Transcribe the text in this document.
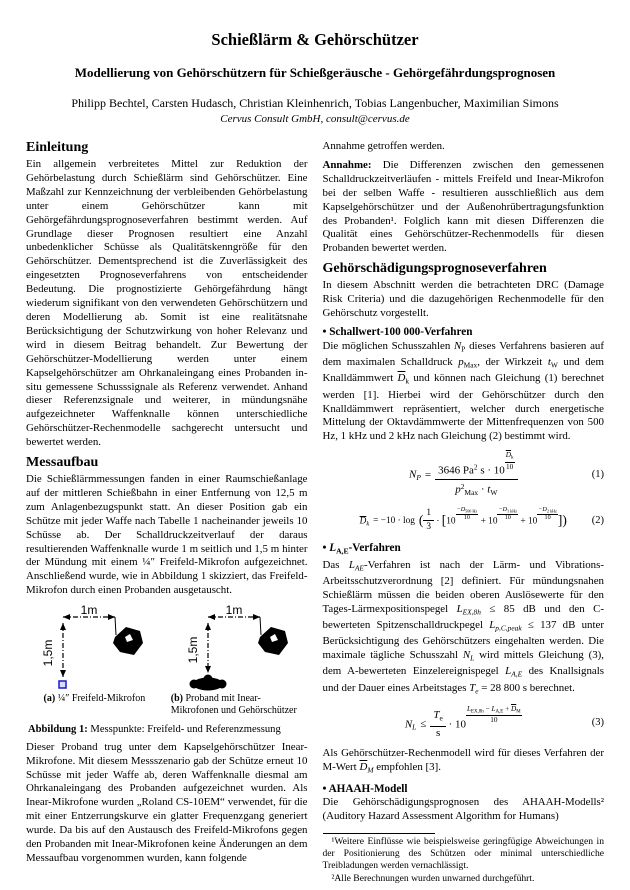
Schießlärm & Gehörschützer
Modellierung von Gehörschützern für Schießgeräusche - Gehörgefährdungsprognosen
Philipp Bechtel, Carsten Hudasch, Christian Kleinhenrich, Tobias Langenbucher, Maximilian Simons
Cervus Consult GmbH, consult@cervus.de
Einleitung

Ein allgemein verbreitetes Mittel zur Reduktion der Gehörbelastung durch Schießlärm sind Gehörschützer. Eine Maßzahl zur Kennzeichnung der verbleibenden Gehörbelastung unter einem Gehörschützer kann mit Gehörgefährdungsprognoseverfahren bestimmt werden. Auf Grundlage dieser Prognosen resultiert eine Anzahl unbedenklicher Schüsse als Qualitätskenngröße für den Gehörschützer. Dementsprechend ist die Zuverlässigkeit des eingesetzten Prognoseverfahrens von entscheidender Bedeutung. Die prognostizierte Gehörgefährdung hängt wiederum signifikant von den verwendeten Gehörschützern und deren Modellierung ab. Somit ist eine realitätsnahe Berücksichtigung der Schutzwirkung von hoher Relevanz und wird in diesem Beitrag behandelt. Zur Bewertung der Gehörschützer-Modellierung werden unter einem Kapselgehörschützer am Ohrkanaleingang eines Probanden in-situ gemessene Schusssignale als Referenz verwendet. Anhand dieser Referenzsignale und weiterer, in mündungsnähe aufgezeichneter Waffenknalle können unterschiedliche Gehörschützer-Rechenmodelle sachgerecht untersucht und bewertet werden.

Messaufbau

Die Schießlärmmessungen fanden in einer Raumschießanlage auf der mittleren Schießbahn in einer Entfernung von 12,5 m zum Anlagenbezugspunkt statt. An dieser Position gab ein Schütze mit jeder Waffe nach Tabelle 1 nacheinander jeweils 10 Schüsse ab. Der Schalldruckzeitverlauf der daraus resultierenden Waffenknalle wurde 1 m seitlich und 1,5 m hinter der Mündung mit einem ¼″ Freifeld-Mikrofon aufgezeichnet. Anschließend wurde, wie in Abbildung 1 skizziert, das Freifeld-Mikrofon durch einen Probanden ausgetauscht.

1m
1,5m
(a) ¼″ Freifeld-Mikrofon
1m
1,5m
(b) Proband mit Inear-Mikrofonen und Gehörschützer
Abbildung 1: Messpunkte: Freifeld- und Referenzmessung

Dieser Proband trug unter dem Kapselgehörschützer Inear-Mikrofone. Mit diesem Messszenario gab der Schütze erneut 10 Schüsse mit jeder Waffe ab, deren Waffenknalle diesmal am Ohrkanaleingang des Probanden aufgezeichnet wurden. Als Inear-Mikrofone wurden „Roland CS-10EM“ verwendet, für die mit einer Entzerrungskurve ein glatter Frequenzgang generiert wurde. Da bis auf den Austausch des Freifeld-Mikrofons gegen den Probanden mit Inear-Mikrofonen keine Änderungen an dem Messaufbau vorgenommen wurden, kann folgende

Annahme getroffen werden.

Annahme: Die Differenzen zwischen den gemessenen Schalldruckzeitverläufen - mittels Freifeld und Inear-Mikrofon bei der selben Waffe - resultieren ausschließlich aus dem Kapselgehörschützer und der Außenohrübertragungsfunktion des Probanden¹. Folglich kann mit diesen Differenzen die Qualität eines Gehörschützer-Rechenmodells für diesen Probanden bewertet werden.

Gehörschädigungsprognoseverfahren

In diesem Abschnitt werden die betrachteten DRC (Damage Risk Criteria) und die dazugehörigen Rechenmodelle für den Gehörschutz vorgestellt.

• Schallwert-100 000-Verfahren

Die möglichen Schusszahlen $N_P$ dieses Verfahrens basieren auf dem maximalen Schalldruck $p_{Max}$, der Wirkzeit $t_W$ und dem Knalldämmwert $\overline{D}_k$ und können nach Gleichung (1) berechnet werden [1]. Hierbei wird der Gehörschützer durch den Knalldämmwert repräsentiert, welcher durch energetische Mittelung der Oktavdämmwerte der Mittenfrequenzen von 500 Hz, 1 kHz und 2 kHz nach Gleichung (2) bestimmt wird.

$N_P = \frac{3646 Pa^2 s \cdot 10 \frac{\overline{D}_k}{10}}{p^2_{Max} \cdot t_W}$	(1)
$\overline{D}_k = -10 \cdot \log$ ( $\frac{1}{3} \cdot [10 \frac{-D_{500 Hz}}{10} + 10$
$-D_{1 kHz}$
10 + 10
$-D_{2 kHz}$
10 ]) (2)
• $L_{A,E}$-Verfahren

Das $L_{AE}$-Verfahren ist nach der Lärm- und Vibrations-Arbeitsschutzverordnung [2] definiert. Für mündungsnahen Schießlärm müssen die beiden oberen Auslösewerte für den Tages-Lärmexpositionspegel $L_{EX,8h} \le 85$ dB und den C-bewerteten Spitzenschalldruckpegel $L_{p,C,peak} \le 137$ dB unter Berücksichtigung des Gehörschützers eingehalten werden. Die maximale tägliche Schusszahl $N_L$ wird mittels Gleichung (3), dem A-bewerteten Einzelereignispegel $L_{A,E}$ des Knallsignals und der Dauer eines Arbeitstages $T_e = 28$ 800 s berechnet.

$N_L \le \frac{T_e}{s} \cdot 10$
$L_{EX,8h} - L_{A,E} + \overline{D}_M$
10	(3)

Als Gehörschützer-Rechenmodell wird für dieses Verfahren der M-Wert $\overline{D}_M$ empfohlen [3].

• AHAAH-Modell

Die Gehörschädigungsprognosen des AHAAH-Modells² (Auditory Hazard Assessment Algorithm for Humans)

¹Weitere Einflüsse wie beispielsweise geringfügige Abweichungen in der Positionierung des Schützen oder minimal unterschiedliche Treibladungen werden vernachlässigt.

²Alle Berechnungen wurden unwarned durchgeführt.
